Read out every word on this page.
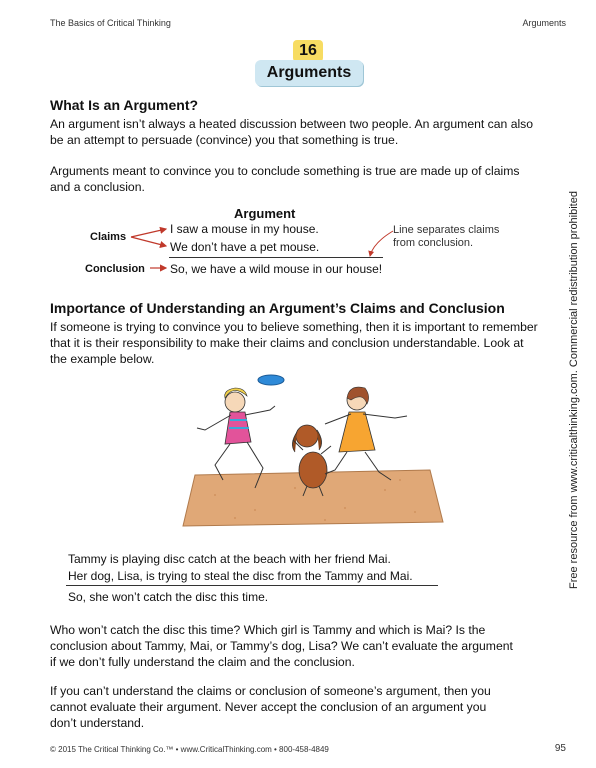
The Basics of Critical Thinking	Arguments
16
Arguments
What Is an Argument?
An argument isn’t always a heated discussion between two people. An argument can also
be an attempt to persuade (convince) you that something is true.
Arguments meant to convince you to conclude something is true are made up of claims
and a conclusion.
Argument
Claims
I saw a mouse in my house.
We don’t have a pet mouse.
Line separates claims
from conclusion.
Conclusion So, we have a wild mouse in our house!
Importance of Understanding an Argument’s Claims and Conclusion
If someone is trying to convince you to believe something, then it is important to remember
that it is their responsibility to make their claims and conclusion understandable. Look at
the example below.
Tammy is playing disc catch at the beach with her friend Mai.
Her dog, Lisa, is trying to steal the disc from the Tammy and Mai.
So, she won’t catch the disc this time.
Who won’t catch the disc this time? Which girl is Tammy and which is Mai? Is the
conclusion about Tammy, Mai, or Tammy’s dog, Lisa? We can’t evaluate the argument
if we don’t fully understand the claim and the conclusion.
If you can’t understand the claims or conclusion of someone’s argument, then you
cannot evaluate their argument. Never accept the conclusion of an argument you
don’t understand.
Free resource from www.criticalthinking.com. Commercial redistribution prohibited
© 2015 The Critical Thinking Co.™ • www.CriticalThinking.com • 800-458-4849	95
